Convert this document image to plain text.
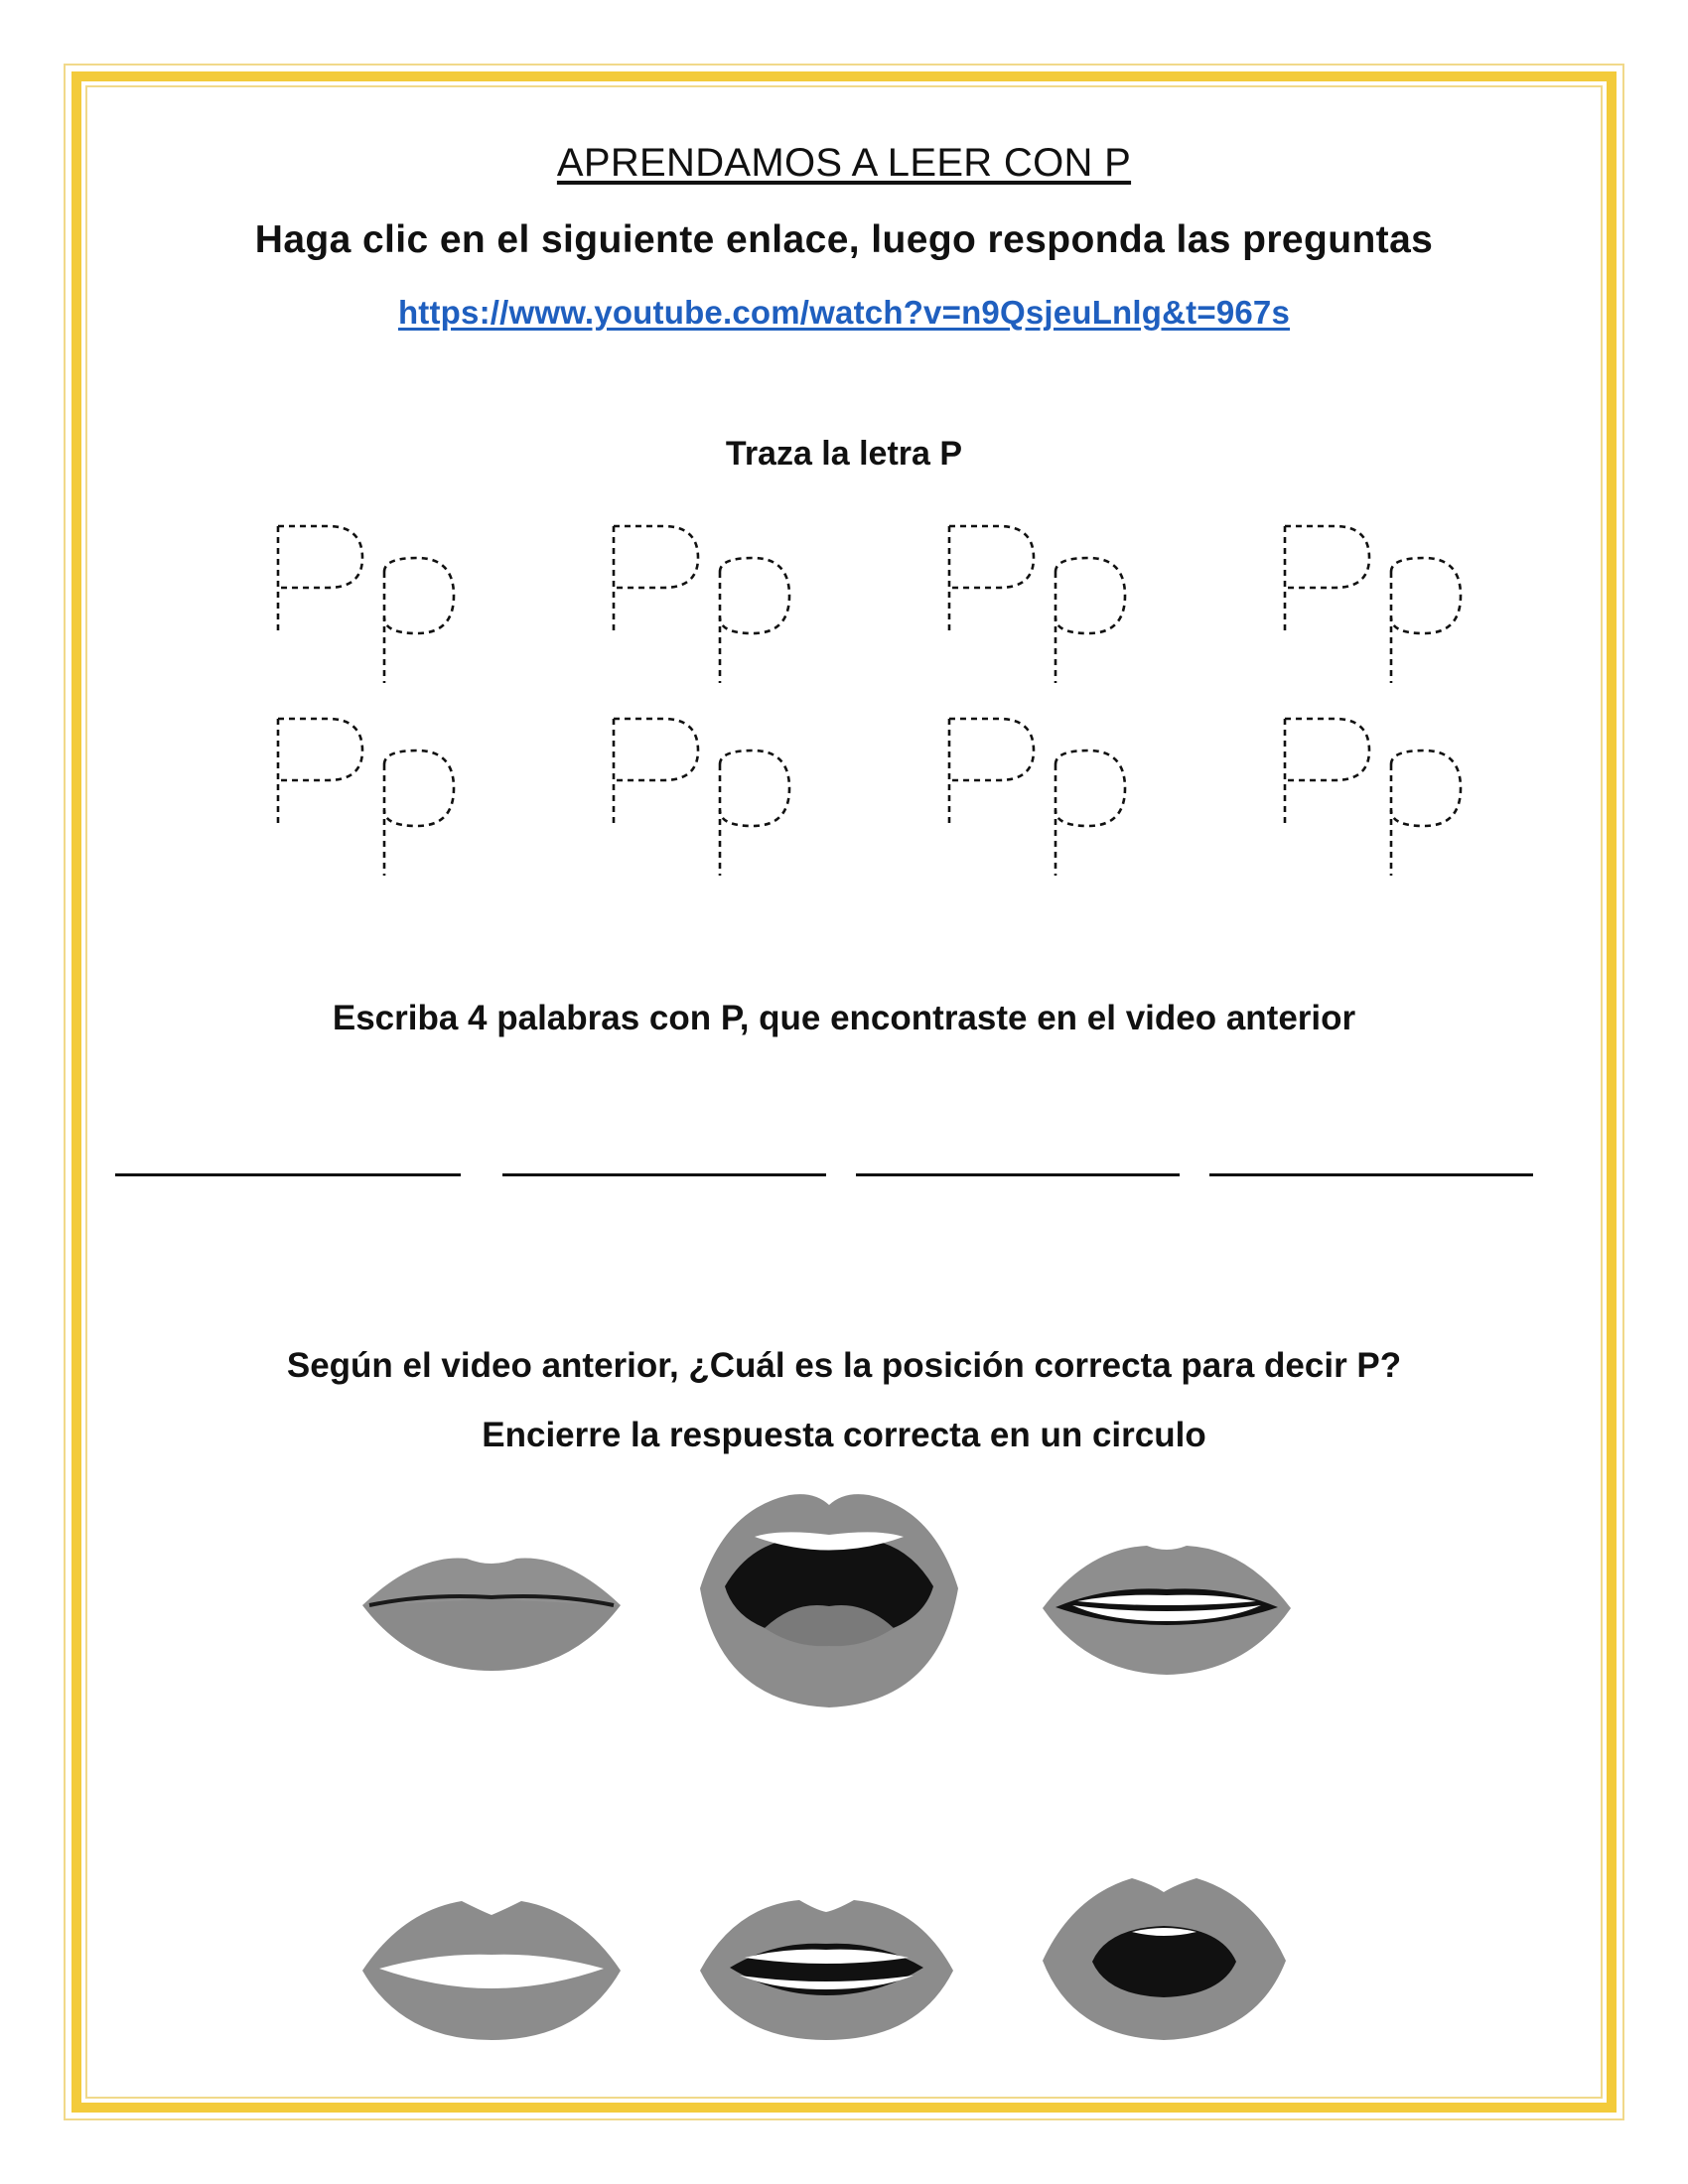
APRENDAMOS A LEER CON P
Haga clic en el siguiente enlace, luego responda las preguntas
https://www.youtube.com/watch?v=n9QsjeuLnlg&t=967s
Traza la letra P
Escriba 4 palabras con P, que encontraste en el video anterior
Según el video anterior, ¿Cuál es la posición correcta para decir P?
Encierre la respuesta correcta en un circulo
